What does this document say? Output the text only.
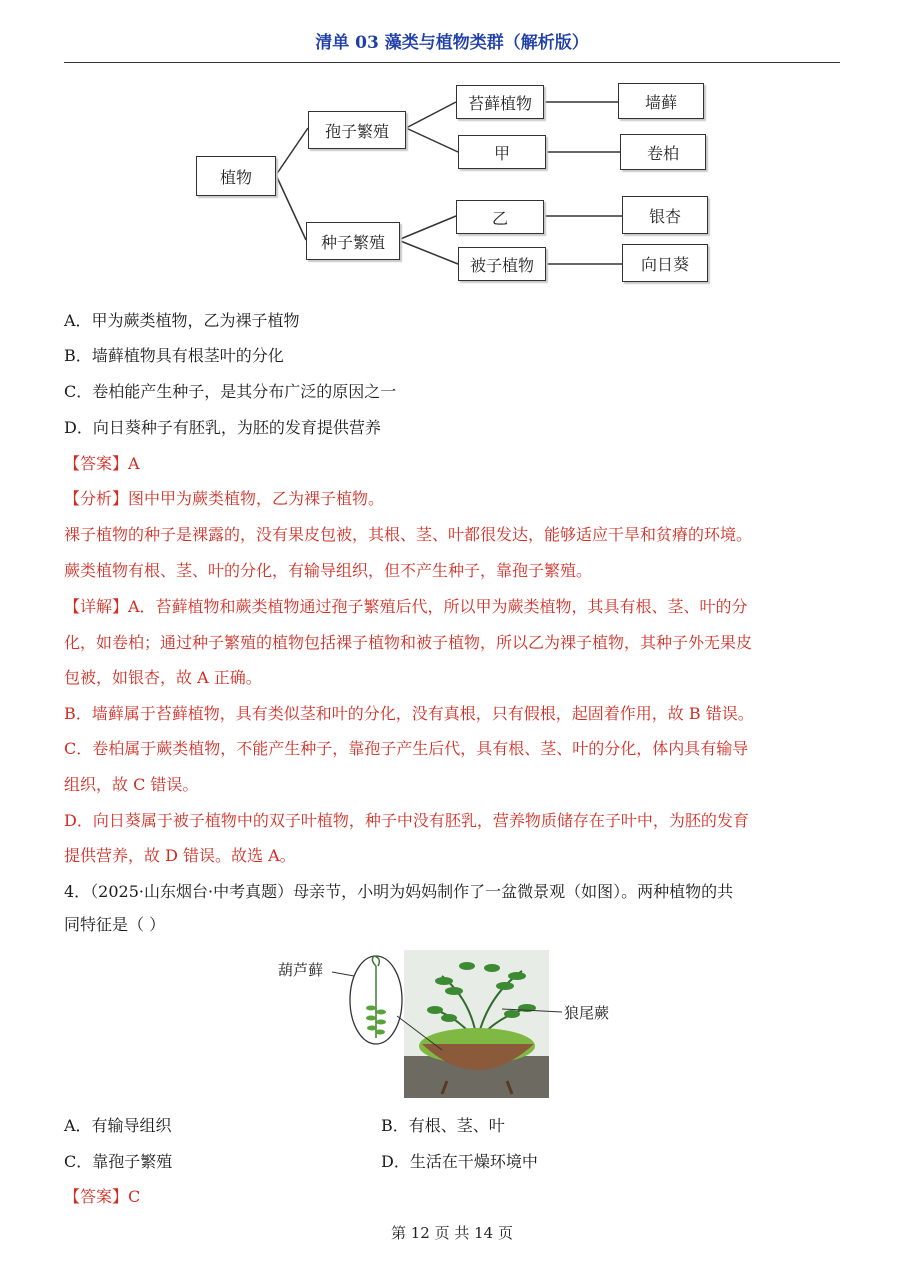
清单 03 藻类与植物类群（解析版）
植物
孢子繁殖
种子繁殖
苔藓植物
甲
乙
被子植物
墙藓
卷柏
银杏
向日葵
A．甲为蕨类植物，乙为裸子植物
B．墙藓植物具有根茎叶的分化
C．卷柏能产生种子，是其分布广泛的原因之一
D．向日葵种子有胚乳，为胚的发育提供营养
【答案】A
【分析】图中甲为蕨类植物，乙为裸子植物。
裸子植物的种子是裸露的，没有果皮包被，其根、茎、叶都很发达，能够适应干旱和贫瘠的环境。
蕨类植物有根、茎、叶的分化，有输导组织，但不产生种子，靠孢子繁殖。
【详解】A．苔藓植物和蕨类植物通过孢子繁殖后代，所以甲为蕨类植物，其具有根、茎、叶的分
化，如卷柏；通过种子繁殖的植物包括裸子植物和被子植物，所以乙为裸子植物，其种子外无果皮
包被，如银杏，故 A 正确。
B．墙藓属于苔藓植物，具有类似茎和叶的分化，没有真根，只有假根，起固着作用，故 B 错误。
C．卷柏属于蕨类植物，不能产生种子，靠孢子产生后代，具有根、茎、叶的分化，体内具有输导
组织，故 C 错误。
D．向日葵属于被子植物中的双子叶植物，种子中没有胚乳，营养物质储存在子叶中，为胚的发育
提供营养，故 D 错误。故选 A。
4．（2025·山东烟台·中考真题）母亲节，小明为妈妈制作了一盆微景观（如图）。两种植物的共
同特征是（ ）
葫芦藓
狼尾蕨
A．有输导组织	B．有根、茎、叶
C．靠孢子繁殖	D．生活在干燥环境中
【答案】C
第 12 页 共 14 页
